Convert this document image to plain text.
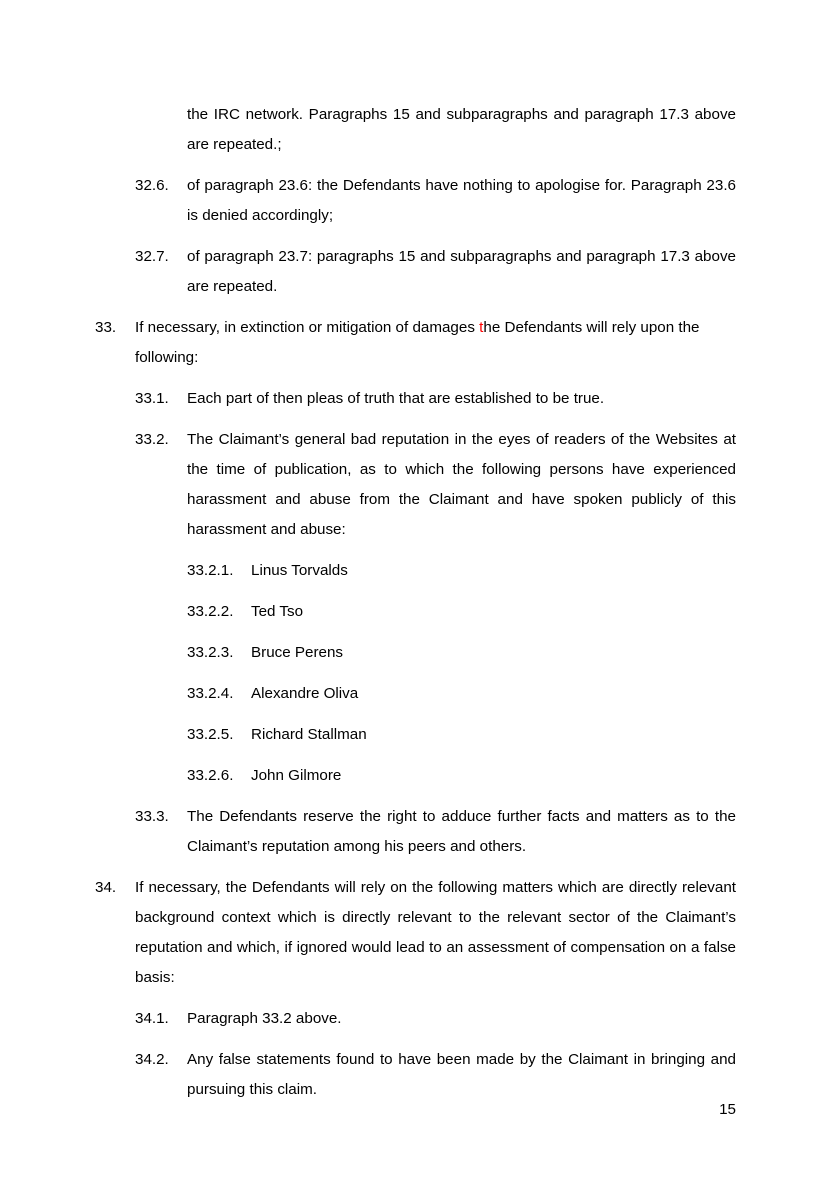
the IRC network. Paragraphs 15 and subparagraphs and paragraph 17.3 above are repeated.;
32.6.	of paragraph 23.6: the Defendants have nothing to apologise for. Paragraph 23.6 is denied accordingly;
32.7.	of paragraph 23.7: paragraphs 15 and subparagraphs and paragraph 17.3 above are repeated.
33.	If necessary, in extinction or mitigation of damages the Defendants will rely upon the following:
33.1.	Each part of then pleas of truth that are established to be true.
33.2.	The Claimant’s general bad reputation in the eyes of readers of the Websites at the time of publication, as to which the following persons have experienced harassment and abuse from the Claimant and have spoken publicly of this harassment and abuse:
33.2.1.	Linus Torvalds
33.2.2.	Ted Tso
33.2.3.	Bruce Perens
33.2.4.	Alexandre Oliva
33.2.5.	Richard Stallman
33.2.6.	John Gilmore
33.3.	The Defendants reserve the right to adduce further facts and matters as to the Claimant’s reputation among his peers and others.
34.	If necessary, the Defendants will rely on the following matters which are directly relevant background context which is directly relevant to the relevant sector of the Claimant’s reputation and which, if ignored would lead to an assessment of compensation on a false basis:
34.1.	Paragraph 33.2 above.
34.2.	Any false statements found to have been made by the Claimant in bringing and pursuing this claim.
15
